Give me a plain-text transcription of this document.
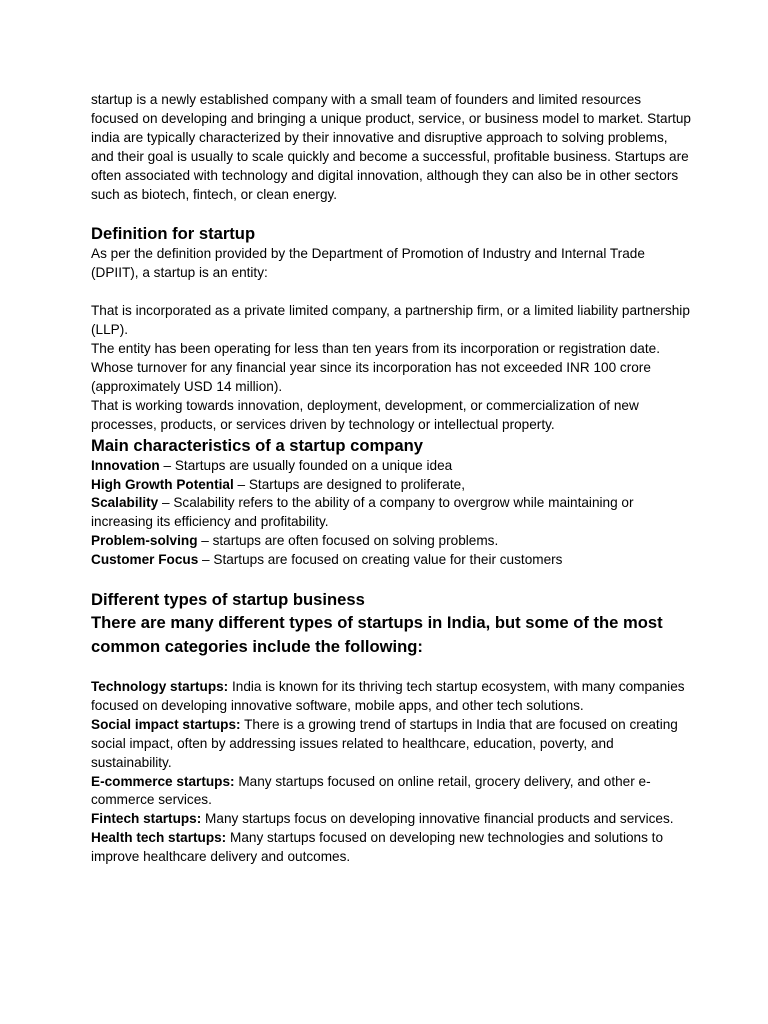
startup is a newly established company with a small team of founders and limited resources focused on developing and bringing a unique product, service, or business model to market. Startup india are typically characterized by their innovative and disruptive approach to solving problems, and their goal is usually to scale quickly and become a successful, profitable business. Startups are often associated with technology and digital innovation, although they can also be in other sectors such as biotech, fintech, or clean energy.

Definition for startup

As per the definition provided by the Department of Promotion of Industry and Internal Trade (DPIIT), a startup is an entity:

That is incorporated as a private limited company, a partnership firm, or a limited liability partnership (LLP).

The entity has been operating for less than ten years from its incorporation or registration date.

Whose turnover for any financial year since its incorporation has not exceeded INR 100 crore (approximately USD 14 million).

That is working towards innovation, deployment, development, or commercialization of new processes, products, or services driven by technology or intellectual property.

Main characteristics of a startup company

Innovation – Startups are usually founded on a unique idea

High Growth Potential – Startups are designed to proliferate,

Scalability – Scalability refers to the ability of a company to overgrow while maintaining or increasing its efficiency and profitability.

Problem-solving – startups are often focused on solving problems.

Customer Focus – Startups are focused on creating value for their customers

Different types of startup business
There are many different types of startups in India, but some of the most common categories include the following:

Technology startups: India is known for its thriving tech startup ecosystem, with many companies focused on developing innovative software, mobile apps, and other tech solutions.

Social impact startups: There is a growing trend of startups in India that are focused on creating social impact, often by addressing issues related to healthcare, education, poverty, and sustainability.

E-commerce startups: Many startups focused on online retail, grocery delivery, and other e-commerce services.

Fintech startups: Many startups focus on developing innovative financial products and services.

Health tech startups: Many startups focused on developing new technologies and solutions to improve healthcare delivery and outcomes.
